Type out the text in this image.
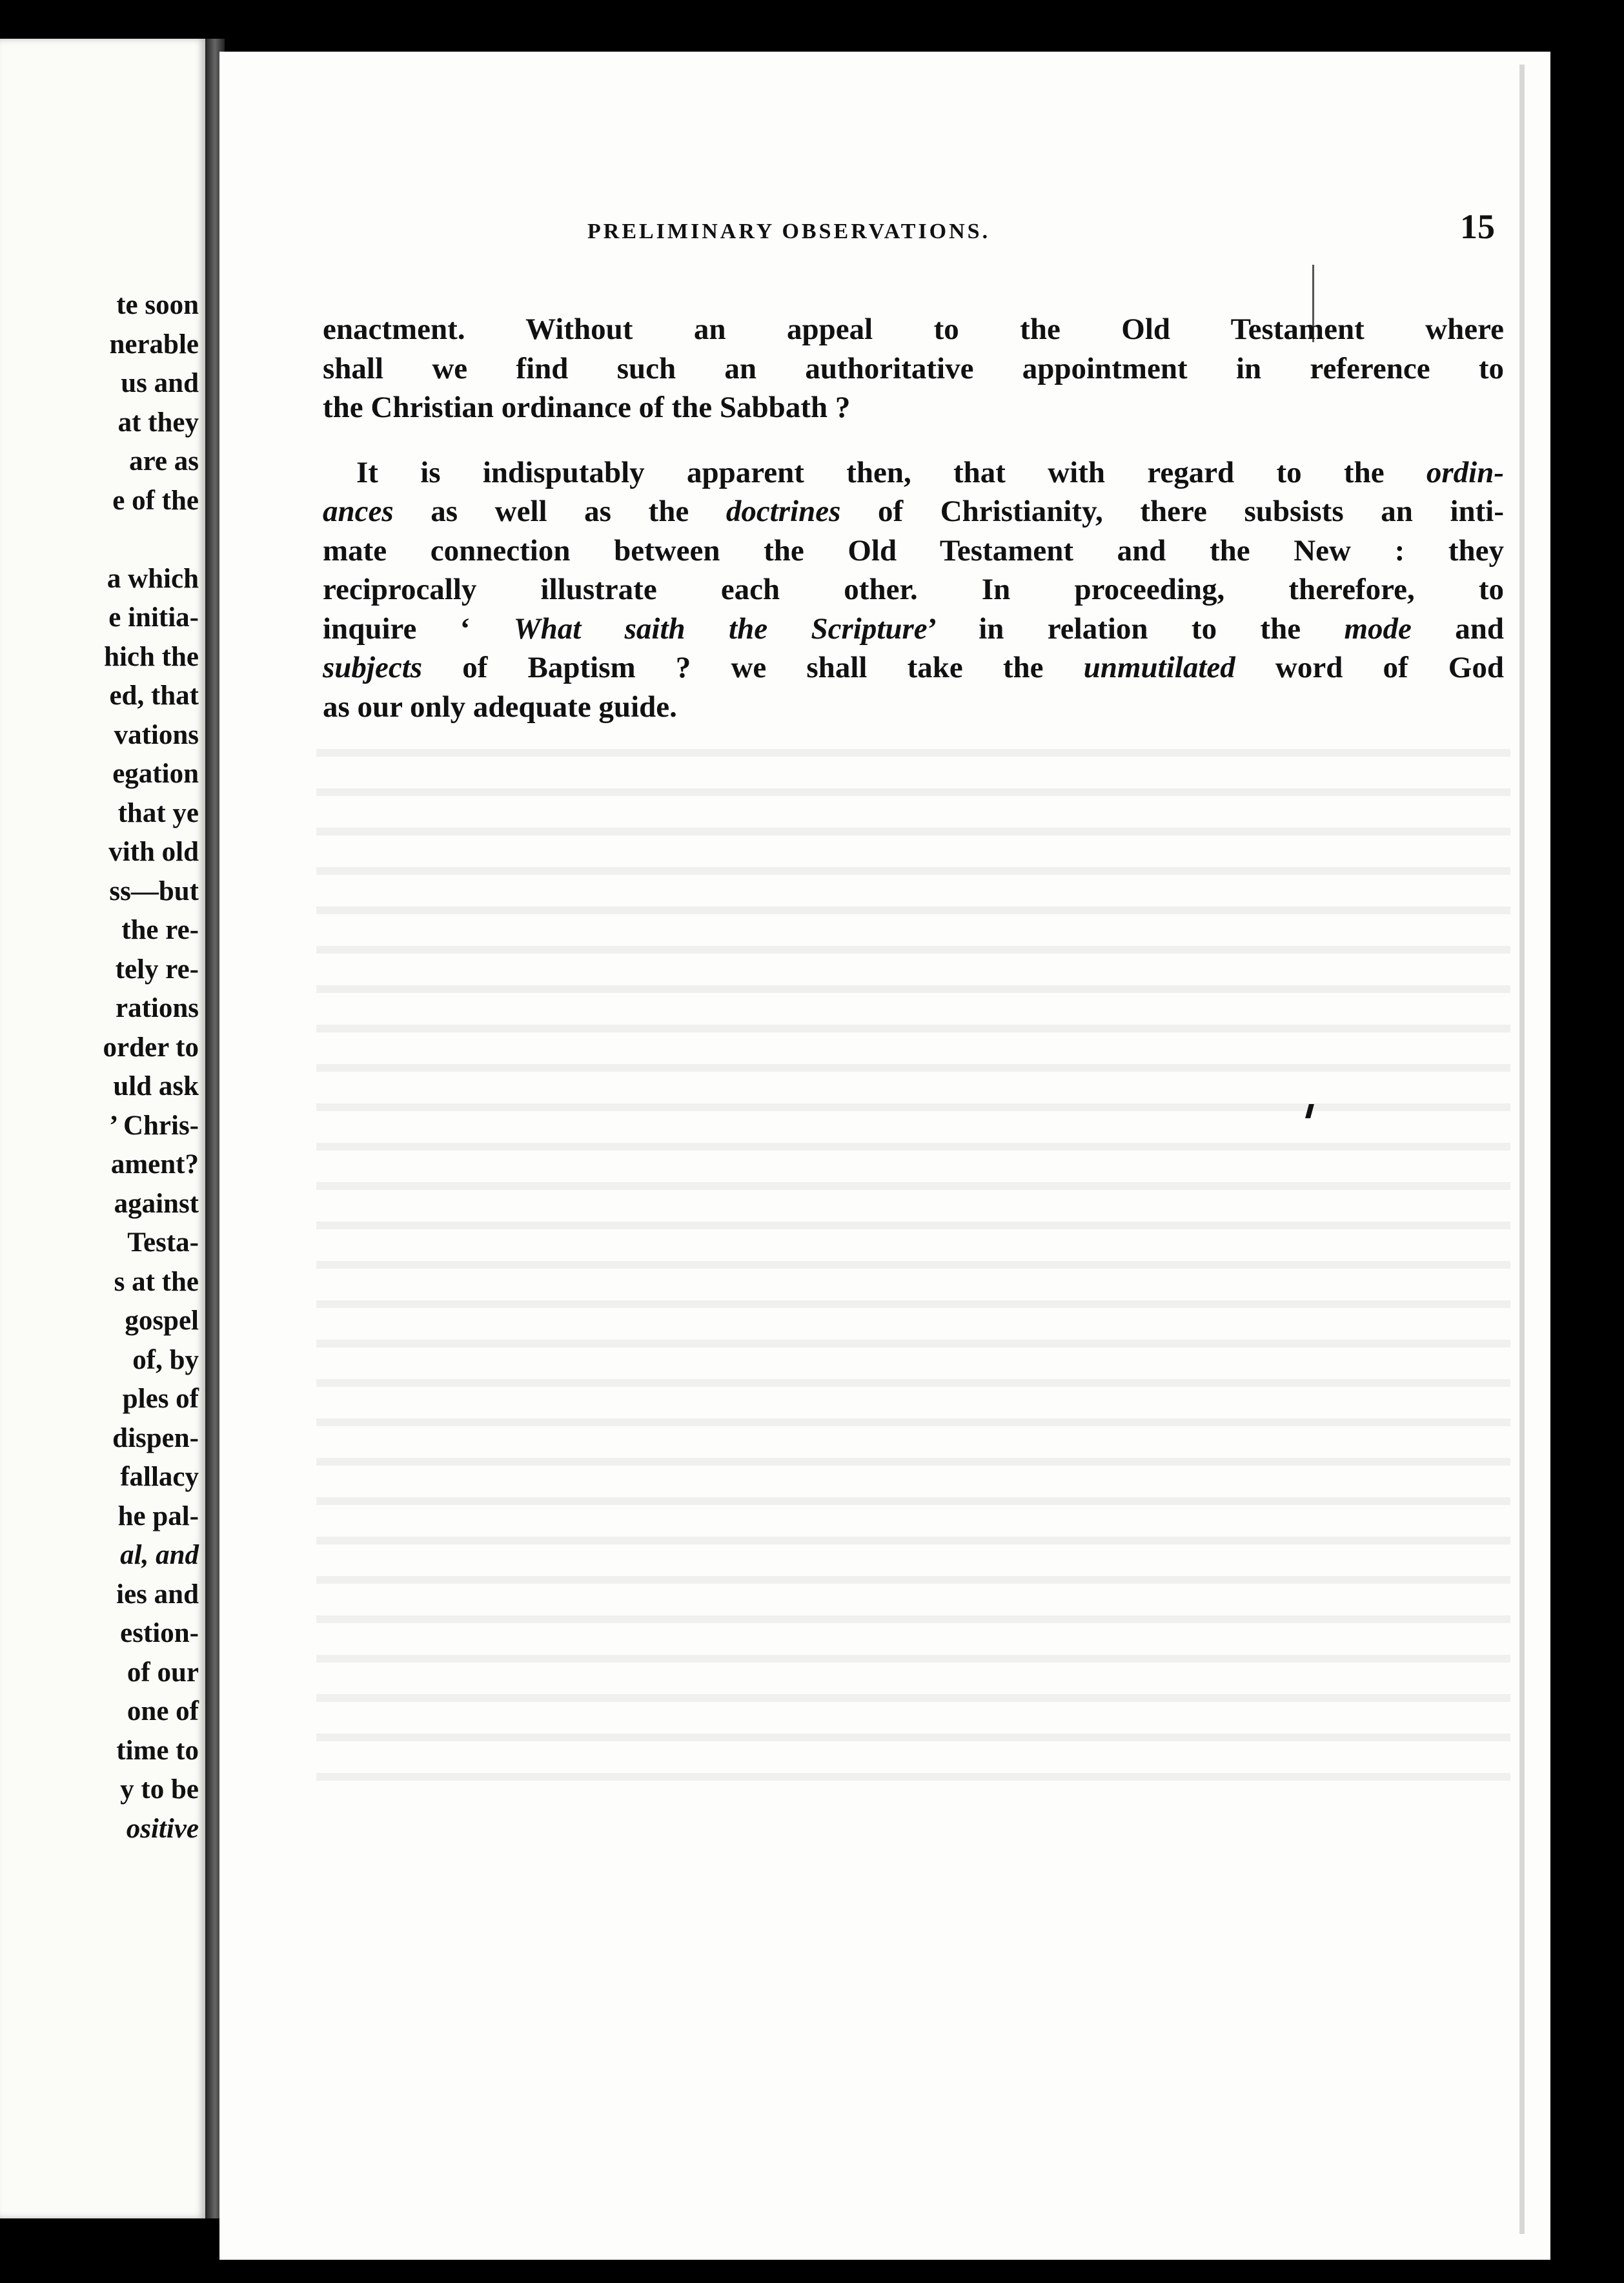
te soon
nerable
us and
at they
are as
e of the
a which
e initia-
hich the
ed, that
vations
egation
that ye
vith old
ss—but
the re-
tely re-
rations
order to
uld ask
’ Chris-
ament?
against
Testa-
s at the
gospel
of, by
ples of
dispen-
fallacy
he pal-
al, and
ies and
estion-
of our
one of
time to
y to be
ositive
PRELIMINARY OBSERVATIONS.	15
enactment. Without an appeal to the Old Testament where
shall we find such an authoritative appointment in reference to
the Christian ordinance of the Sabbath ?
It is indisputably apparent then, that with regard to the ordin-
ances as well as the doctrines of Christianity, there subsists an inti-
mate connection between the Old Testament and the New : they
reciprocally illustrate each other. In proceeding, therefore, to
inquire ‘ What saith the Scripture’ in relation to the mode and
subjects of Baptism ? we shall take the unmutilated word of God
as our only adequate guide.
